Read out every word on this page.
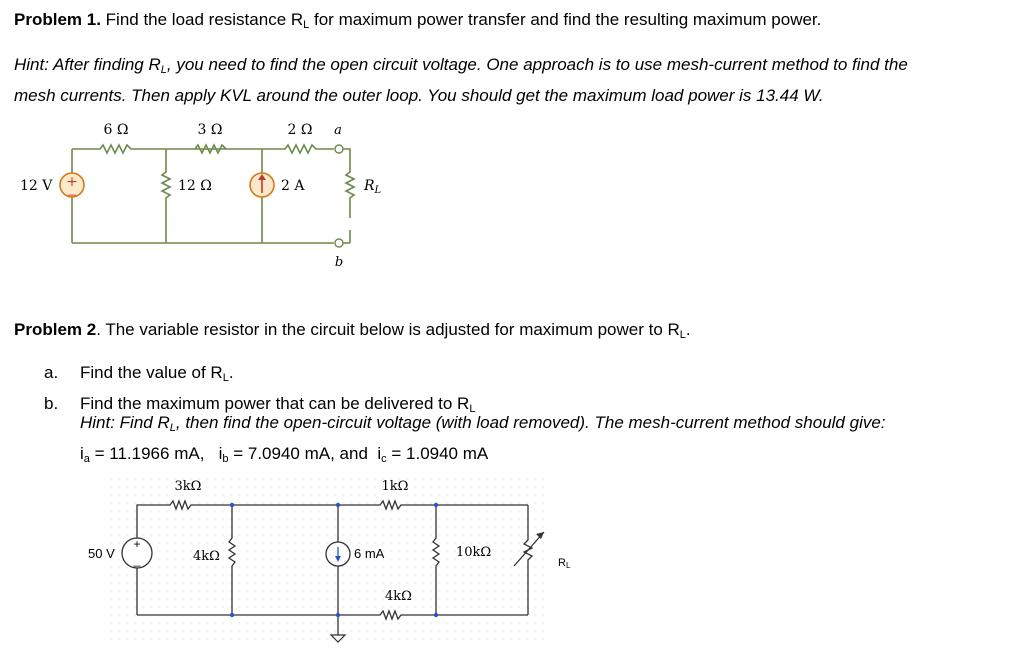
Problem 1. Find the load resistance $R_L$ for maximum power transfer and find the resulting maximum power.
Hint: After finding $R_L$, you need to find the open circuit voltage. One approach is to use mesh-current method to find the
mesh currents. Then apply KVL around the outer loop. You should get the maximum load power is 13.44 W.
+
−
6 Ω	3 Ω	2 Ω a
12 V	12 Ω	2 A	$R_L$
b
Problem 2. The variable resistor in the circuit below is adjusted for maximum power to $R_L$.
a. Find the value of $R_L$.
b. Find the maximum power that can be delivered to $R_L$
Hint: Find $R_L$, then find the open-circuit voltage (with load removed). The mesh-current method should give:
$i_a = 11.1966$ mA, $i_b = 7.0940$ mA, and $i_c = 1.0940$ mA
+
_
3kΩ	1kΩ
50 V	4kΩ	6 mA
4kΩ
10kΩ
RL
